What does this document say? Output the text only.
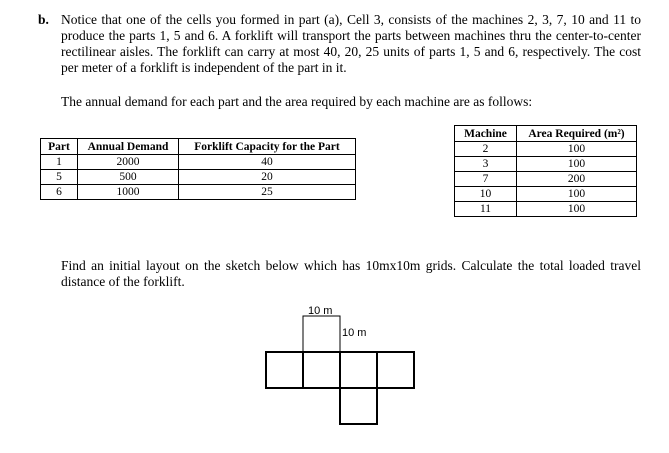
b. Notice that one of the cells you formed in part (a), Cell 3, consists of the machines 2, 3, 7, 10 and 11 to produce the parts 1, 5 and 6. A forklift will transport the parts between machines thru the center-to-center rectilinear aisles. The forklift can carry at most 40, 20, 25 units of parts 1, 5 and 6, respectively. The cost per meter of a forklift is independent of the part in it.
The annual demand for each part and the area required by each machine are as follows:
Part	Annual Demand	Forklift Capacity for the Part
1	2000	40
5	500	20
6	1000	25
Machine	Area Required (m²)
2	100
3	100
7	200
10	100
11	100
Find an initial layout on the sketch below which has 10mx10m grids. Calculate the total loaded travel distance of the forklift.
10 m
10 m
